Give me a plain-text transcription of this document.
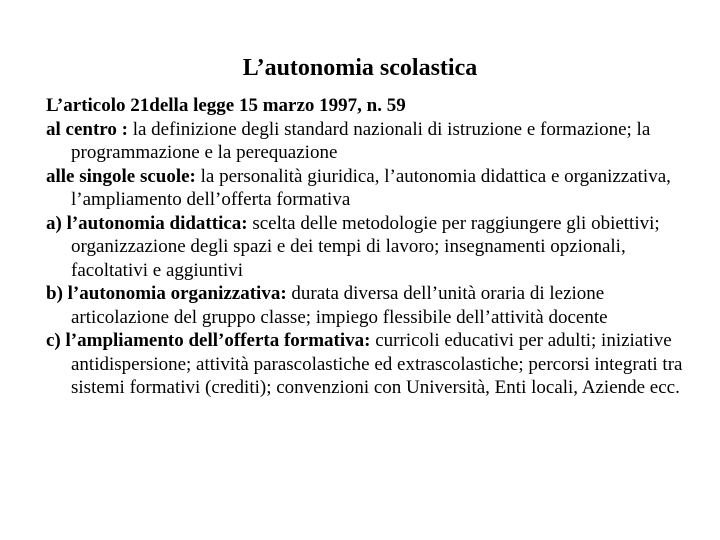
L’autonomia scolastica

L’articolo 21della legge 15 marzo 1997, n. 59

al centro : la definizione degli standard nazionali di istruzione e formazione; la programmazione e la perequazione

alle singole scuole: la personalità giuridica, l’autonomia didattica e organizzativa, l’ampliamento dell’offerta formativa

a) l’autonomia didattica: scelta delle metodologie per raggiungere gli obiettivi; organizzazione degli spazi e dei tempi di lavoro; insegnamenti opzionali, facoltativi e aggiuntivi

b) l’autonomia organizzativa: durata diversa dell’unità oraria di lezione articolazione del gruppo classe; impiego flessibile dell’attività docente

c) l’ampliamento dell’offerta formativa: curricoli educativi per adulti; iniziative antidispersione; attività parascolastiche ed extrascolastiche; percorsi integrati tra sistemi formativi (crediti); convenzioni con Università, Enti locali, Aziende ecc.
